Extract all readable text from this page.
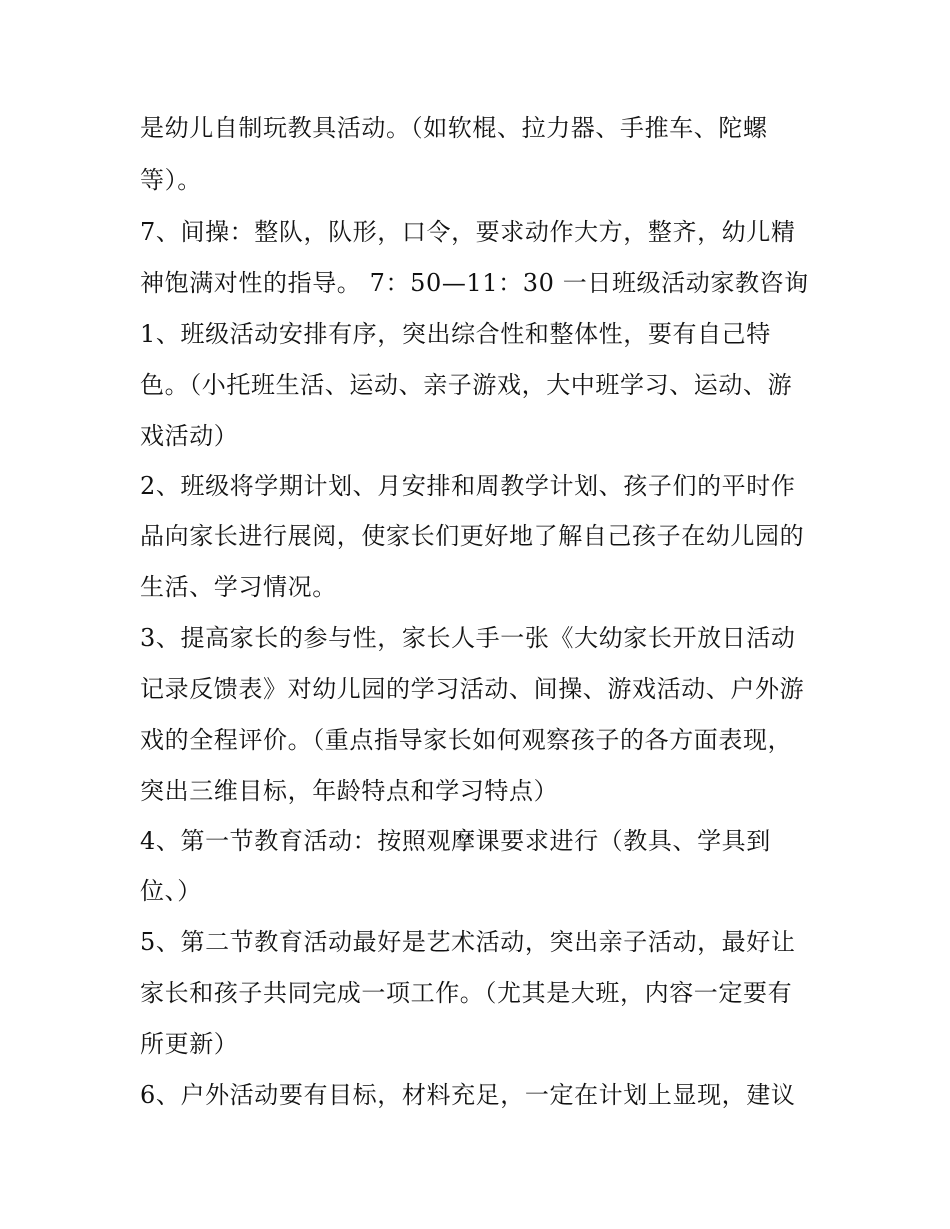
是幼儿自制玩教具活动。（如软棍、拉力器、手推车、陀螺
等）。
7、间操：整队，队形，口令，要求动作大方，整齐，幼儿精
神饱满对性的指导。 7：50—11：30 一日班级活动家教咨询
1、班级活动安排有序，突出综合性和整体性，要有自己特
色。（小托班生活、运动、亲子游戏，大中班学习、运动、游
戏活动）
2、班级将学期计划、月安排和周教学计划、孩子们的平时作
品向家长进行展阅，使家长们更好地了解自己孩子在幼儿园的
生活、学习情况。
3、提高家长的参与性，家长人手一张《大幼家长开放日活动
记录反馈表》对幼儿园的学习活动、间操、游戏活动、户外游
戏的全程评价。（重点指导家长如何观察孩子的各方面表现，
突出三维目标，年龄特点和学习特点）
4、第一节教育活动：按照观摩课要求进行（教具、学具到
位、）
5、第二节教育活动最好是艺术活动，突出亲子活动，最好让
家长和孩子共同完成一项工作。（尤其是大班，内容一定要有
所更新）
6、户外活动要有目标，材料充足，一定在计划上显现，建议
